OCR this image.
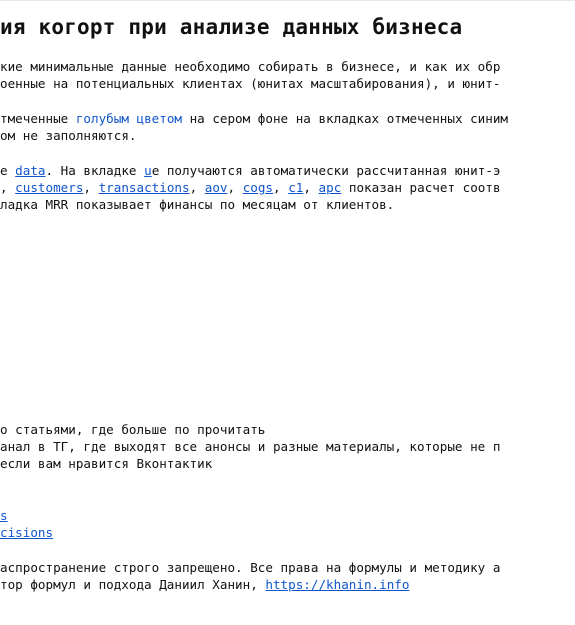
ия когорт при анализе данных бизнеса
кие минимальные данные необходимо собирать в бизнесе, и как их обр
оенные на потенциальных клиентах (юнитах масштабирования), и юнит-
тмеченные голубым цветом на сером фоне на вкладках отмеченных синим
ом не заполняются.
е data. На вкладке uе получаются автоматически рассчитанная юнит-э
, customers, transactions, aov, cogs, c1, apc показан расчет соотв
ладка MRR показывает финансы по месяцам от клиентов.
о статьями, где больше по прочитать
анал в ТГ, где выходят все анонсы и разные материалы, которые не п
если вам нравится Вконтактик
s
cisions
аспространение строго запрещено. Все права на формулы и методику а
тор формул и подхода Даниил Ханин, https://khanin.info
